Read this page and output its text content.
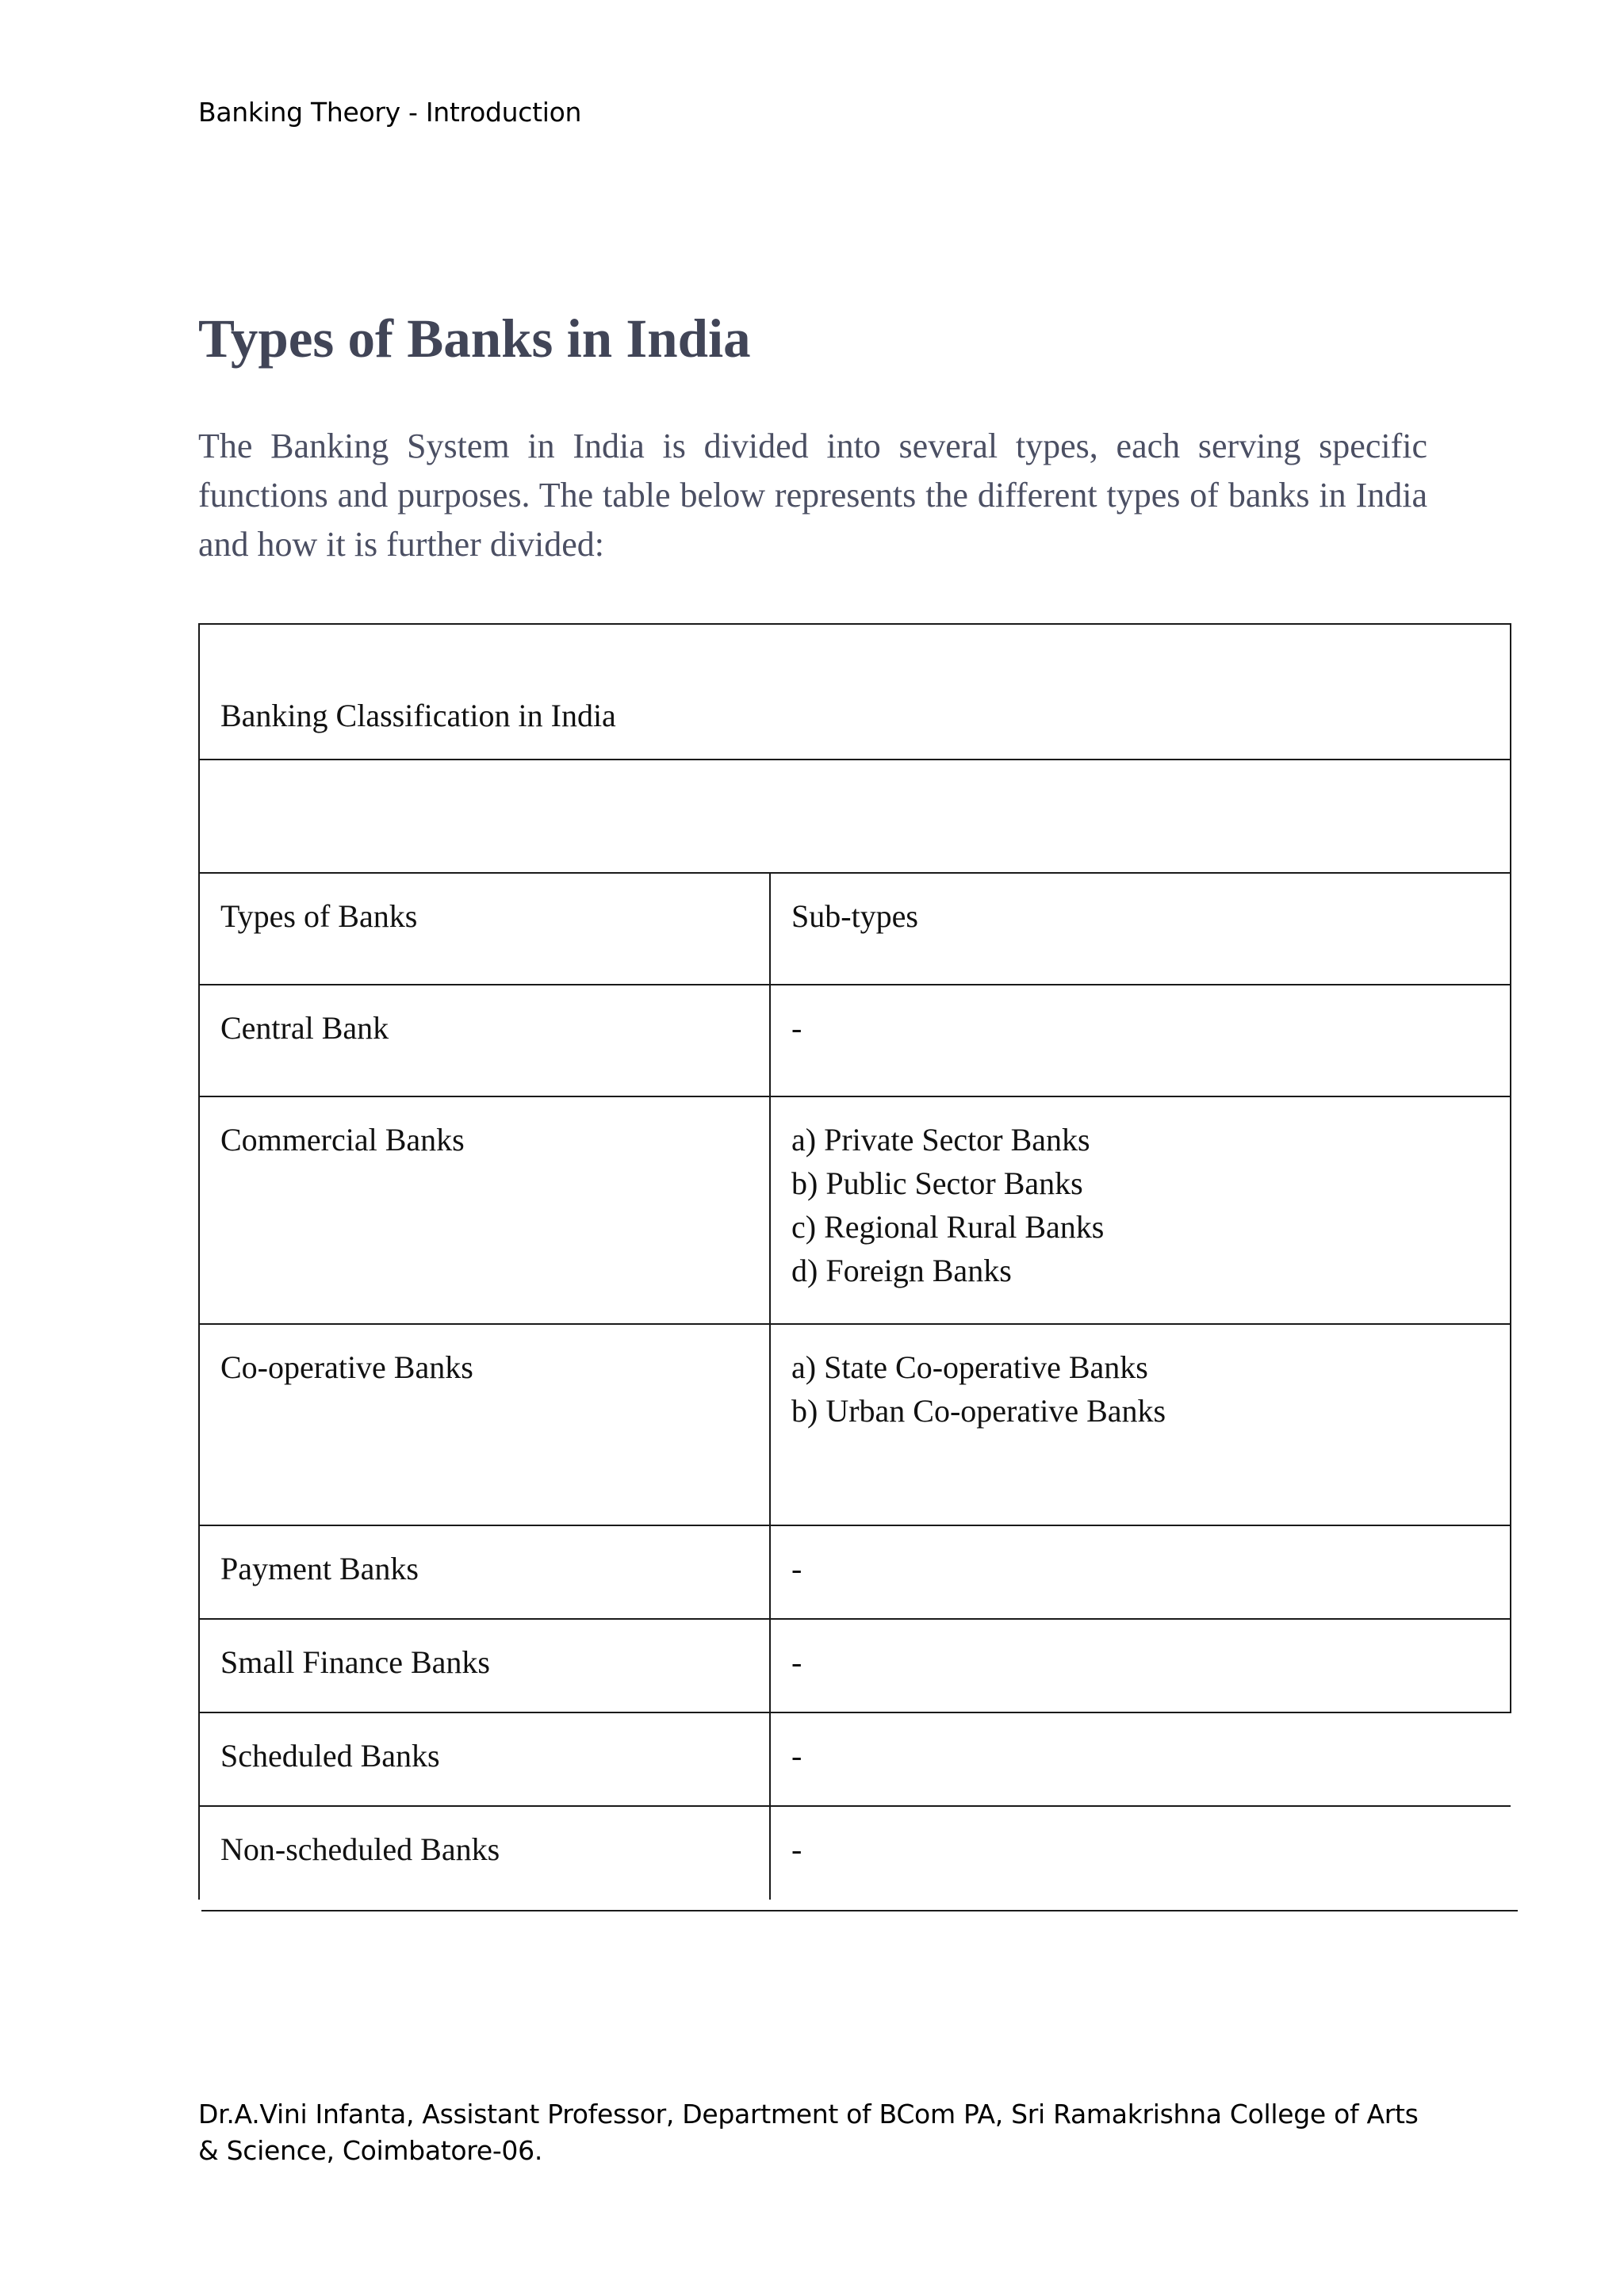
Banking Theory - Introduction
Types of Banks in India

The Banking System in India is divided into several types, each serving specific functions and purposes. The table below represents the different types of banks in India and how it is further divided:

Banking Classification in India	

Types of Banks	Sub-types
Central Bank	-

Commercial Banks	a) Private Sector Banks
b) Public Sector Banks
c) Regional Rural Banks
d) Foreign Banks

Co-operative Banks	a) State Co-operative Banks
b) Urban Co-operative Banks

Payment Banks	-

Small Finance Banks	-

Scheduled Banks	-

Non-scheduled Banks	-
Dr.A.Vini Infanta, Assistant Professor, Department of BCom PA, Sri Ramakrishna College of Arts & Science, Coimbatore-06.
